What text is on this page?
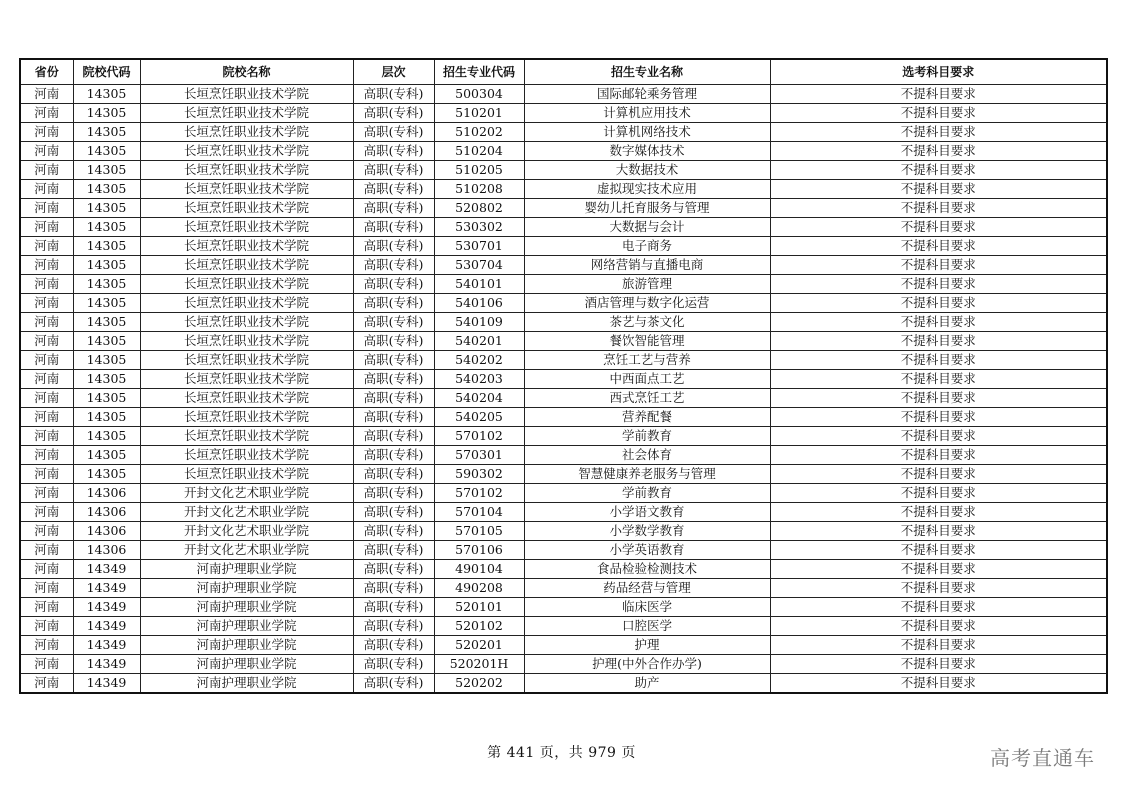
省份	院校代码	院校名称	层次	招生专业代码	招生专业名称	选考科目要求
河南	14305	长垣烹饪职业技术学院	高职(专科)	500304	国际邮轮乘务管理	不提科目要求
河南	14305	长垣烹饪职业技术学院	高职(专科)	510201	计算机应用技术	不提科目要求
河南	14305	长垣烹饪职业技术学院	高职(专科)	510202	计算机网络技术	不提科目要求
河南	14305	长垣烹饪职业技术学院	高职(专科)	510204	数字媒体技术	不提科目要求
河南	14305	长垣烹饪职业技术学院	高职(专科)	510205	大数据技术	不提科目要求
河南	14305	长垣烹饪职业技术学院	高职(专科)	510208	虚拟现实技术应用	不提科目要求
河南	14305	长垣烹饪职业技术学院	高职(专科)	520802	婴幼儿托育服务与管理	不提科目要求
河南	14305	长垣烹饪职业技术学院	高职(专科)	530302	大数据与会计	不提科目要求
河南	14305	长垣烹饪职业技术学院	高职(专科)	530701	电子商务	不提科目要求
河南	14305	长垣烹饪职业技术学院	高职(专科)	530704	网络营销与直播电商	不提科目要求
河南	14305	长垣烹饪职业技术学院	高职(专科)	540101	旅游管理	不提科目要求
河南	14305	长垣烹饪职业技术学院	高职(专科)	540106	酒店管理与数字化运营	不提科目要求
河南	14305	长垣烹饪职业技术学院	高职(专科)	540109	茶艺与茶文化	不提科目要求
河南	14305	长垣烹饪职业技术学院	高职(专科)	540201	餐饮智能管理	不提科目要求
河南	14305	长垣烹饪职业技术学院	高职(专科)	540202	烹饪工艺与营养	不提科目要求
河南	14305	长垣烹饪职业技术学院	高职(专科)	540203	中西面点工艺	不提科目要求
河南	14305	长垣烹饪职业技术学院	高职(专科)	540204	西式烹饪工艺	不提科目要求
河南	14305	长垣烹饪职业技术学院	高职(专科)	540205	营养配餐	不提科目要求
河南	14305	长垣烹饪职业技术学院	高职(专科)	570102	学前教育	不提科目要求
河南	14305	长垣烹饪职业技术学院	高职(专科)	570301	社会体育	不提科目要求
河南	14305	长垣烹饪职业技术学院	高职(专科)	590302	智慧健康养老服务与管理	不提科目要求
河南	14306	开封文化艺术职业学院	高职(专科)	570102	学前教育	不提科目要求
河南	14306	开封文化艺术职业学院	高职(专科)	570104	小学语文教育	不提科目要求
河南	14306	开封文化艺术职业学院	高职(专科)	570105	小学数学教育	不提科目要求
河南	14306	开封文化艺术职业学院	高职(专科)	570106	小学英语教育	不提科目要求
河南	14349	河南护理职业学院	高职(专科)	490104	食品检验检测技术	不提科目要求
河南	14349	河南护理职业学院	高职(专科)	490208	药品经营与管理	不提科目要求
河南	14349	河南护理职业学院	高职(专科)	520101	临床医学	不提科目要求
河南	14349	河南护理职业学院	高职(专科)	520102	口腔医学	不提科目要求
河南	14349	河南护理职业学院	高职(专科)	520201	护理	不提科目要求
河南	14349	河南护理职业学院	高职(专科)	520201H	护理(中外合作办学)	不提科目要求
河南	14349	河南护理职业学院	高职(专科)	520202	助产	不提科目要求
第 441 页，共 979 页	高考直通车
